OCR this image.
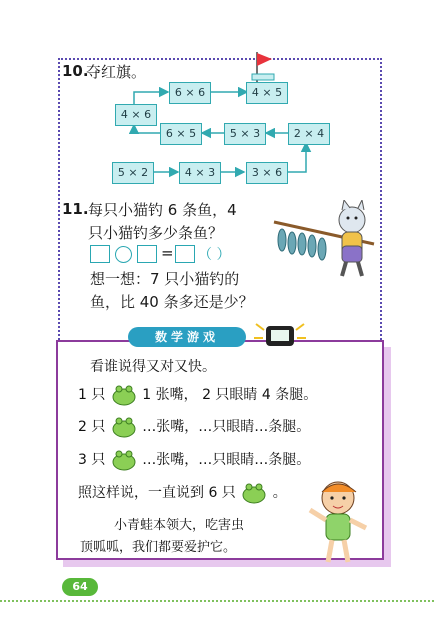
10.
夺红旗。
6 × 6	4 × 5
4 × 6
6 × 5	5 × 3	2 × 4
5 × 2	4 × 3	3 × 6
11. 每只小猫钓 6 条鱼，4
只小猫钓多少条鱼？
= （ ）
想一想：7 只小猫钓的
鱼，比 40 条多还是少？
数学游戏
看谁说得又对又快。
1 只	1 张嘴， 2 只眼睛 4 条腿。
2 只	…张嘴，…只眼睛…条腿。
3 只	…张嘴，…只眼睛…条腿。
照这样说，一直说到 6 只	。
小青蛙本领大，吃害虫
顶呱呱，我们都要爱护它。
64
